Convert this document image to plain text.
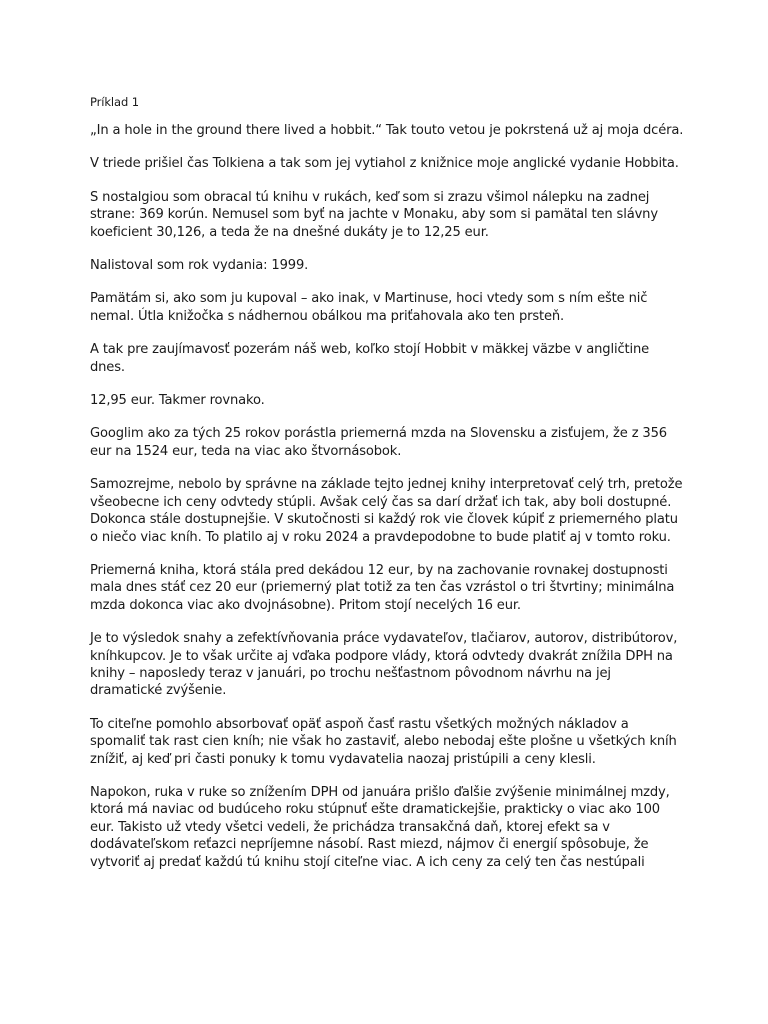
Príklad 1

„In a hole in the ground there lived a hobbit.“ Tak touto vetou je pokrstená už aj moja dcéra.

V triede prišiel čas Tolkiena a tak som jej vytiahol z knižnice moje anglické vydanie Hobbita.

S nostalgiou som obracal tú knihu v rukách, keď som si zrazu všimol nálepku na zadnej strane: 369 korún. Nemusel som byť na jachte v Monaku, aby som si pamätal ten slávny koeficient 30,126, a teda že na dnešné dukáty je to 12,25 eur.

Nalistoval som rok vydania: 1999.

Pamätám si, ako som ju kupoval – ako inak, v Martinuse, hoci vtedy som s ním ešte nič nemal. Útla knižočka s nádhernou obálkou ma priťahovala ako ten prsteň.

A tak pre zaujímavosť pozerám náš web, koľko stojí Hobbit v mäkkej väzbe v angličtine dnes.

12,95 eur. Takmer rovnako.

Googlim ako za tých 25 rokov porástla priemerná mzda na Slovensku a zisťujem, že z 356 eur na 1524 eur, teda na viac ako štvornásobok.

Samozrejme, nebolo by správne na základe tejto jednej knihy interpretovať celý trh, pretože všeobecne ich ceny odvtedy stúpli. Avšak celý čas sa darí držať ich tak, aby boli dostupné. Dokonca stále dostupnejšie. V skutočnosti si každý rok vie človek kúpiť z priemerného platu o niečo viac kníh. To platilo aj v roku 2024 a pravdepodobne to bude platiť aj v tomto roku.

Priemerná kniha, ktorá stála pred dekádou 12 eur, by na zachovanie rovnakej dostupnosti mala dnes stáť cez 20 eur (priemerný plat totiž za ten čas vzrástol o tri štvrtiny; minimálna mzda dokonca viac ako dvojnásobne). Pritom stojí necelých 16 eur.

Je to výsledok snahy a zefektívňovania práce vydavateľov, tlačiarov, autorov, distribútorov, kníhkupcov. Je to však určite aj vďaka podpore vlády, ktorá odvtedy dvakrát znížila DPH na knihy – naposledy teraz v januári, po trochu nešťastnom pôvodnom návrhu na jej dramatické zvýšenie.

To citeľne pomohlo absorbovať opäť aspoň časť rastu všetkých možných nákladov a spomaliť tak rast cien kníh; nie však ho zastaviť, alebo nebodaj ešte plošne u všetkých kníh znížiť, aj keď pri časti ponuky k tomu vydavatelia naozaj pristúpili a ceny klesli.

Napokon, ruka v ruke so znížením DPH od januára prišlo ďalšie zvýšenie minimálnej mzdy, ktorá má naviac od budúceho roku stúpnuť ešte dramatickejšie, prakticky o viac ako 100 eur. Takisto už vtedy všetci vedeli, že prichádza transakčná daň, ktorej efekt sa v dodávateľskom reťazci nepríjemne násobí. Rast miezd, nájmov či energií spôsobuje, že vytvoriť aj predať každú tú knihu stojí citeľne viac. A ich ceny za celý ten čas nestúpali
